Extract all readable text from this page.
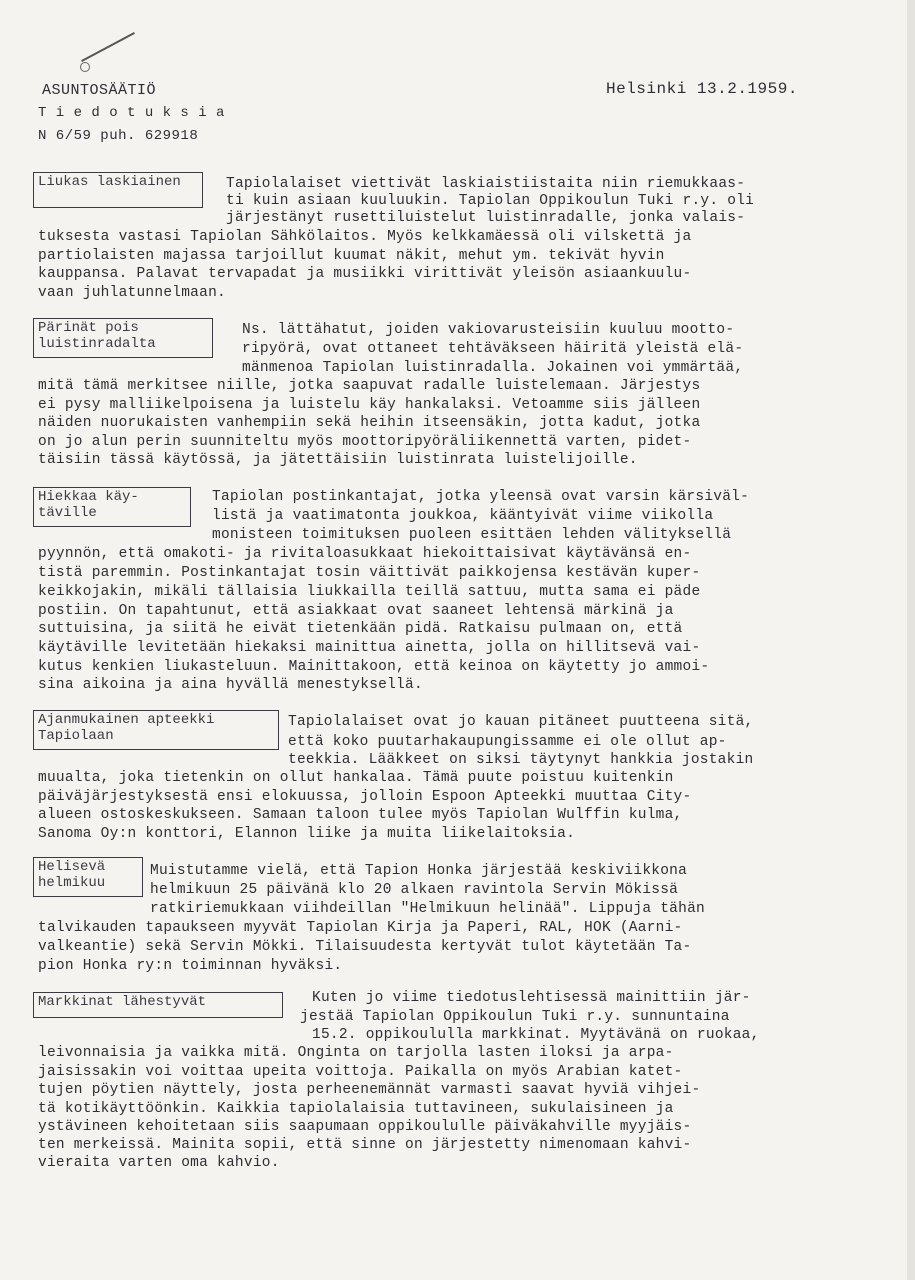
ASUNTOSÄÄTIÖ
T i e d o t u k s i a
N 6/59 puh. 629918
Helsinki 13.2.1959.
Liukas laskiainen	Tapiolalaiset viettivät laskiaistiistaita niin riemukkaas-
ti kuin asiaan kuuluukin. Tapiolan Oppikoulun Tuki r.y. oli
järjestänyt rusettiluistelut luistinradalle, jonka valais-
tuksesta vastasi Tapiolan Sähkölaitos. Myös kelkkamäessä oli vilskettä ja
partiolaisten majassa tarjoillut kuumat näkit, mehut ym. tekivät hyvin
kauppansa. Palavat tervapadat ja musiikki virittivät yleisön asiaankuulu-
vaan juhlatunnelmaan.
Pärinät pois
luistinradalta
Ns. lättähatut, joiden vakiovarusteisiin kuuluu mootto-
ripyörä, ovat ottaneet tehtäväkseen häiritä yleistä elä-
mänmenoa Tapiolan luistinradalla. Jokainen voi ymmärtää,
mitä tämä merkitsee niille, jotka saapuvat radalle luistelemaan. Järjestys
ei pysy malliikelpoisena ja luistelu käy hankalaksi. Vetoamme siis jälleen
näiden nuorukaisten vanhempiin sekä heihin itseensäkin, jotta kadut, jotka
on jo alun perin suunniteltu myös moottoripyöräliikennettä varten, pidet-
täisiin tässä käytössä, ja jätettäisiin luistinrata luistelijoille.
Hiekkaa käy-
täville
Tapiolan postinkantajat, jotka yleensä ovat varsin kärsiväl-
listä ja vaatimatonta joukkoa, kääntyivät viime viikolla
monisteen toimituksen puoleen esittäen lehden välityksellä
pyynnön, että omakoti- ja rivitaloasukkaat hiekoittaisivat käytävänsä en-
tistä paremmin. Postinkantajat tosin väittivät paikkojensa kestävän kuper-
keikkojakin, mikäli tällaisia liukkailla teillä sattuu, mutta sama ei päde
postiin. On tapahtunut, että asiakkaat ovat saaneet lehtensä märkinä ja
suttuisina, ja siitä he eivät tietenkään pidä. Ratkaisu pulmaan on, että
käytäville levitetään hiekaksi mainittua ainetta, jolla on hillitsevä vai-
kutus kenkien liukasteluun. Mainittakoon, että keinoa on käytetty jo ammoi-
sina aikoina ja aina hyvällä menestyksellä.
Ajanmukainen apteekki
Tapiolaan
Tapiolalaiset ovat jo kauan pitäneet puutteena sitä,
että koko puutarhakaupungissamme ei ole ollut ap-
teekkia. Lääkkeet on siksi täytynyt hankkia jostakin
muualta, joka tietenkin on ollut hankalaa. Tämä puute poistuu kuitenkin
päiväjärjestyksestä ensi elokuussa, jolloin Espoon Apteekki muuttaa City-
alueen ostoskeskukseen. Samaan taloon tulee myös Tapiolan Wulffin kulma,
Sanoma Oy:n konttori, Elannon liike ja muita liikelaitoksia.
Helisevä
helmikuu
Muistutamme vielä, että Tapion Honka järjestää keskiviikkona
helmikuun 25 päivänä klo 20 alkaen ravintola Servin Mökissä
ratkiriemukkaan viihdeillan "Helmikuun helinää". Lippuja tähän
talvikauden tapaukseen myyvät Tapiolan Kirja ja Paperi, RAL, HOK (Aarni-
valkeantie) sekä Servin Mökki. Tilaisuudesta kertyvät tulot käytetään Ta-
pion Honka ry:n toiminnan hyväksi.
Markkinat lähestyvät	Kuten jo viime tiedotuslehtisessä mainittiin jär-
jestää Tapiolan Oppikoulun Tuki r.y. sunnuntaina
15.2. oppikoululla markkinat. Myytävänä on ruokaa,
leivonnaisia ja vaikka mitä. Onginta on tarjolla lasten iloksi ja arpa-
jaisissakin voi voittaa upeita voittoja. Paikalla on myös Arabian katet-
tujen pöytien näyttely, josta perheenemännät varmasti saavat hyviä vihjei-
tä kotikäyttöönkin. Kaikkia tapiolalaisia tuttavineen, sukulaisineen ja
ystävineen kehoitetaan siis saapumaan oppikoululle päiväkahville myyjäis-
ten merkeissä. Mainita sopii, että sinne on järjestetty nimenomaan kahvi-
vieraita varten oma kahvio.
